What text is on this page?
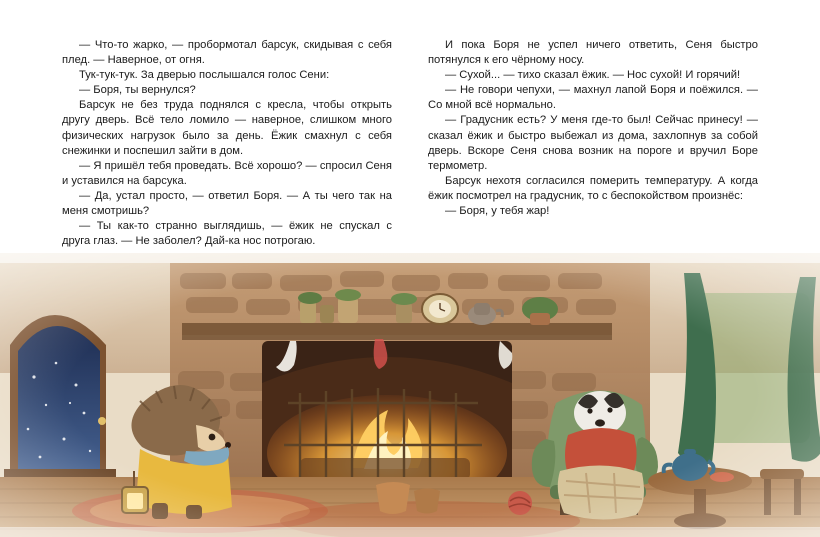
— Что-то жарко, — пробормотал барсук, скидывая с себя плед. — Наверное, от огня.

Тук-тук-тук. За дверью послышался голос Сени:

— Боря, ты вернулся?

Барсук не без труда поднялся с кресла, чтобы открыть другу дверь. Всё тело ломило — наверное, слишком много физических нагрузок было за день. Ёжик смахнул с себя снежинки и поспешил зайти в дом.

— Я пришёл тебя проведать. Всё хорошо? — спросил Сеня и уставился на барсука.

— Да, устал просто, — ответил Боря. — А ты чего так на меня смотришь?

— Ты как-то странно выглядишь, — ёжик не спускал с друга глаз. — Не заболел? Дай-ка нос потрогаю.

И пока Боря не успел ничего ответить, Сеня быстро потянулся к его чёрному носу.

— Сухой... — тихо сказал ёжик. — Нос сухой! И горячий!

— Не говори чепухи, — махнул лапой Боря и поёжился. — Со мной всё нормально.

— Градусник есть? У меня где-то был! Сейчас принесу! — сказал ёжик и быстро выбежал из дома, захлопнув за собой дверь. Вскоре Сеня снова возник на пороге и вручил Боре термометр.

Барсук нехотя согласился померить температуру. А когда ёжик посмотрел на градусник, то с беспокойством произнёс:

— Боря, у тебя жар!
